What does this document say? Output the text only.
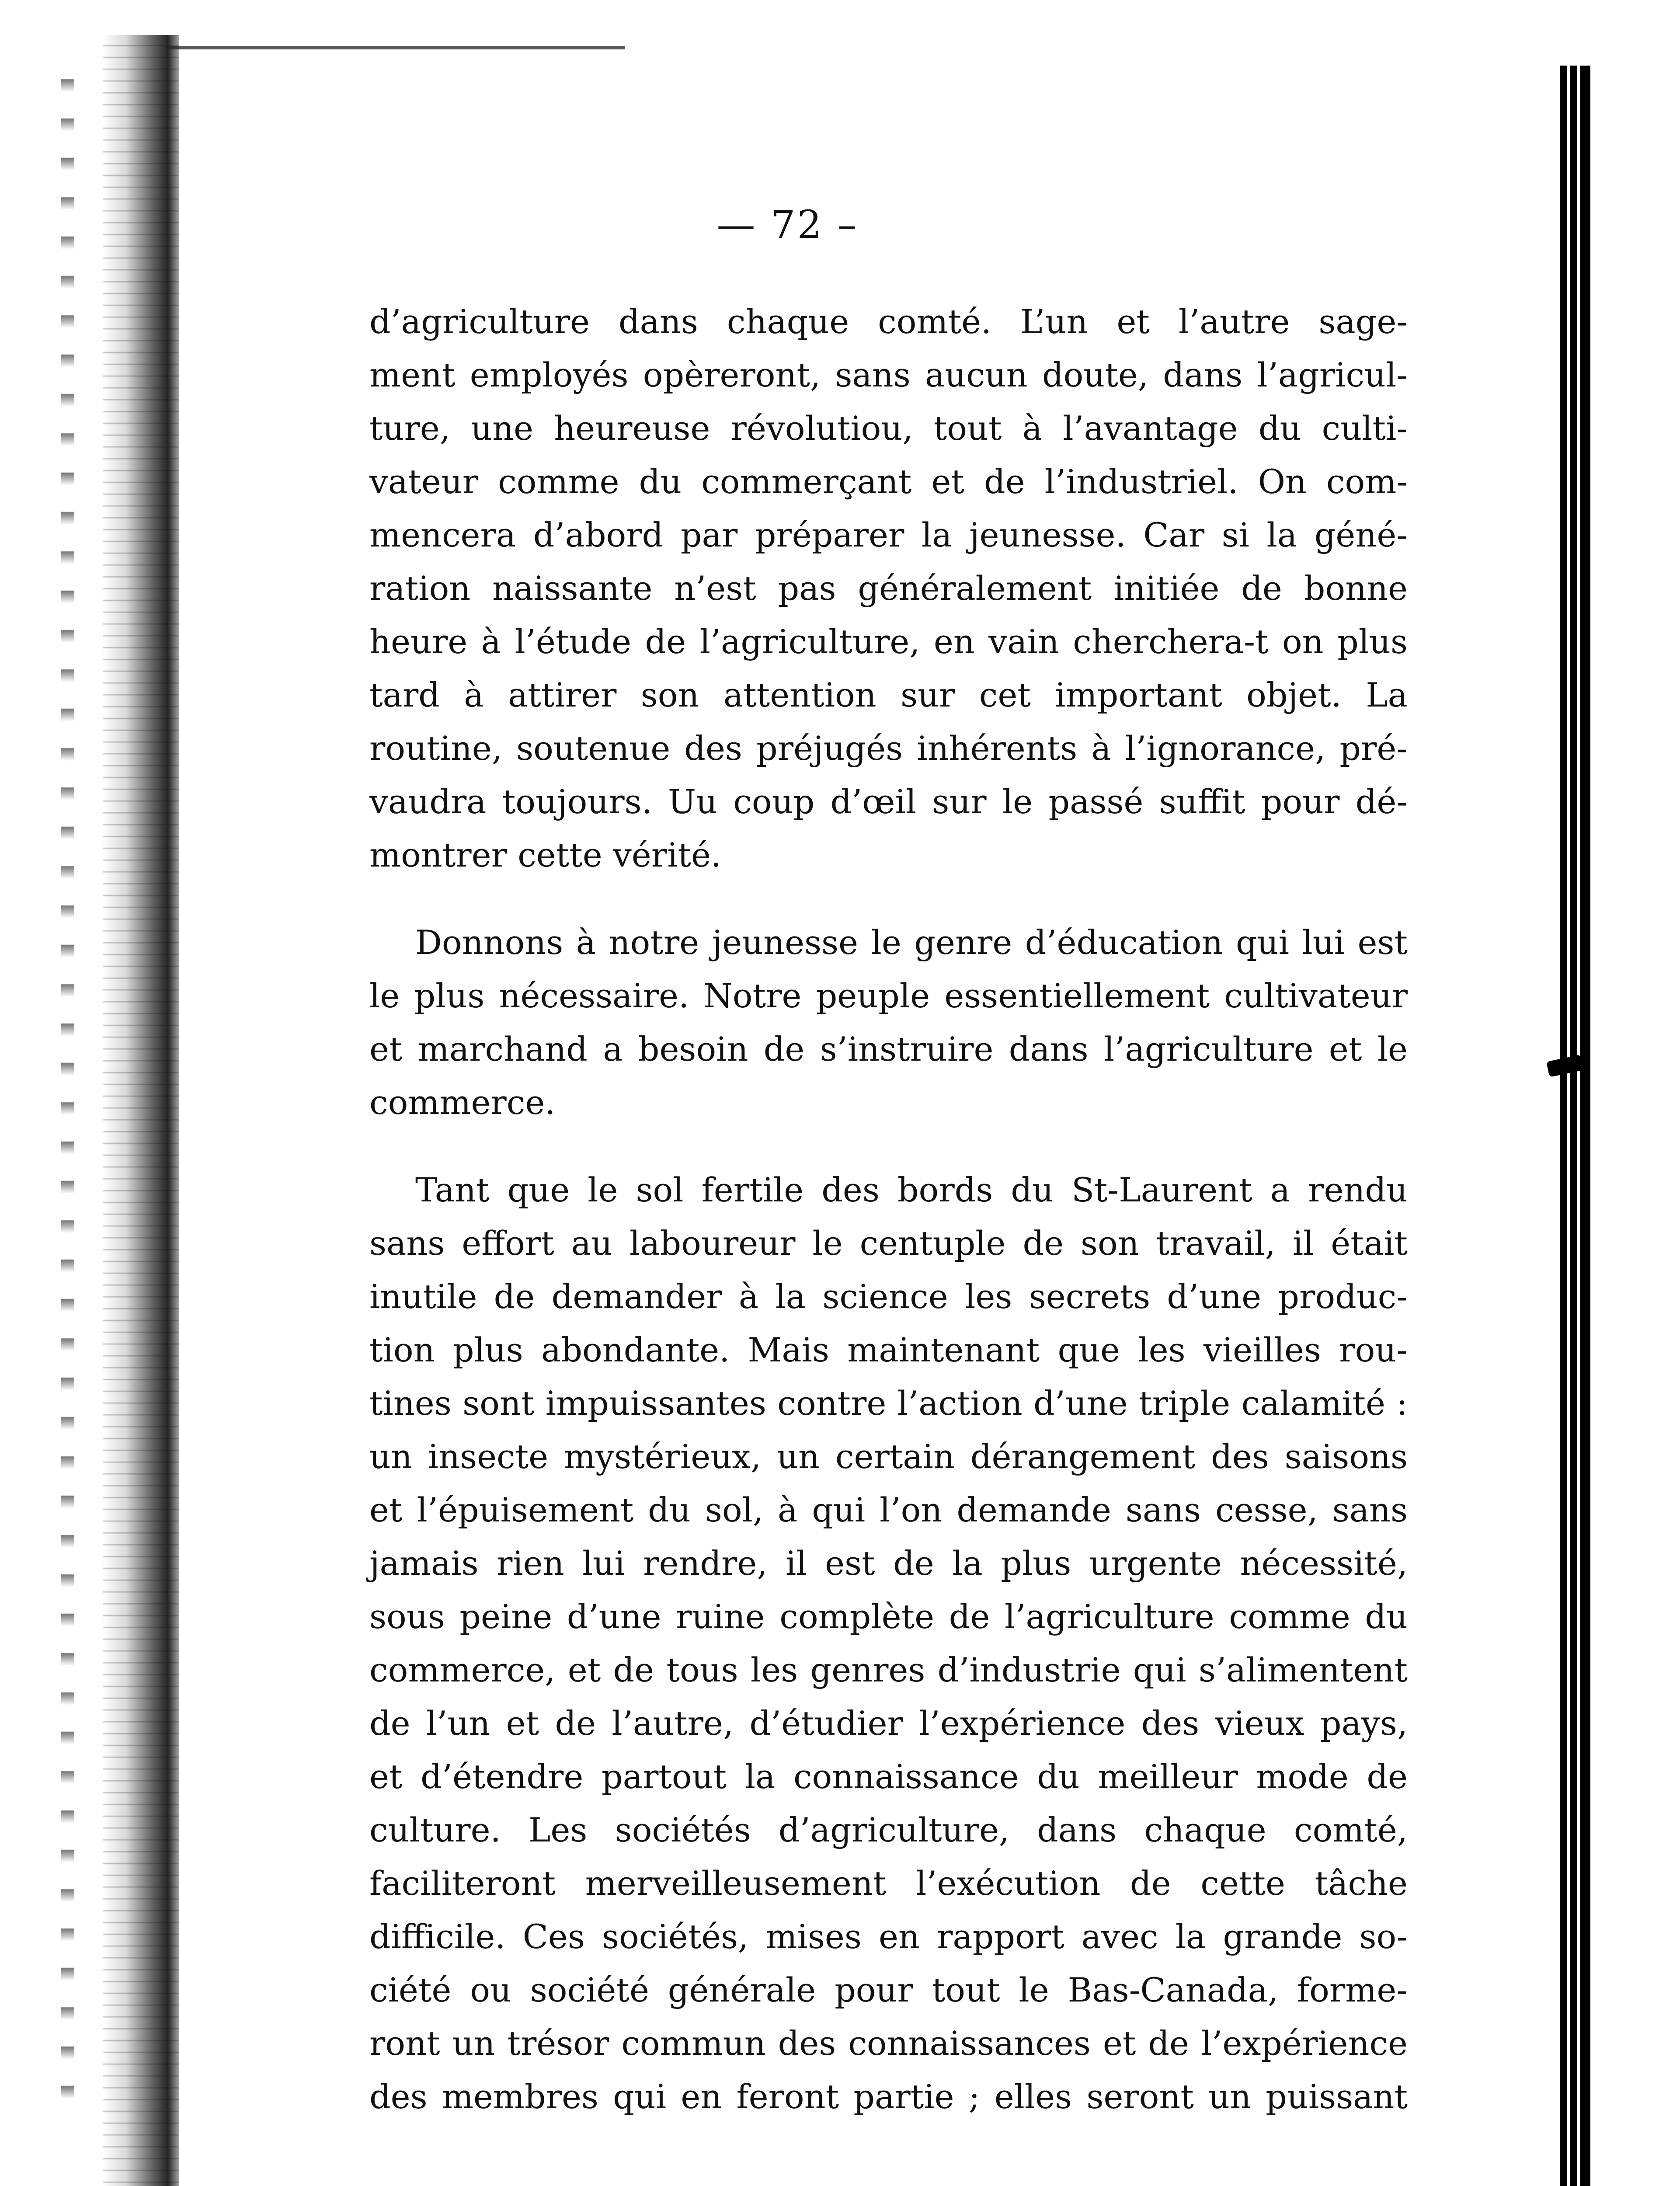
— 72 –
d’agriculture dans chaque comté. L’un et l’autre sage-
ment employés opèreront, sans aucun doute, dans l’agricul-
ture, une heureuse révolutiou, tout à l’avantage du culti-
vateur comme du commerçant et de l’industriel. On com-
mencera d’abord par préparer la jeunesse. Car si la géné-
ration naissante n’est pas généralement initiée de bonne
heure à l’étude de l’agriculture, en vain cherchera-t on plus
tard à attirer son attention sur cet important objet. La
routine, soutenue des préjugés inhérents à l’ignorance, pré-
vaudra toujours. Uu coup d’œil sur le passé suffit pour dé-
montrer cette vérité.
Donnons à notre jeunesse le genre d’éducation qui lui est
le plus nécessaire. Notre peuple essentiellement cultivateur
et marchand a besoin de s’instruire dans l’agriculture et le
commerce.
Tant que le sol fertile des bords du St-Laurent a rendu
sans effort au laboureur le centuple de son travail, il était
inutile de demander à la science les secrets d’une produc-
tion plus abondante. Mais maintenant que les vieilles rou-
tines sont impuissantes contre l’action d’une triple calamité :
un insecte mystérieux, un certain dérangement des saisons
et l’épuisement du sol, à qui l’on demande sans cesse, sans
jamais rien lui rendre, il est de la plus urgente nécessité,
sous peine d’une ruine complète de l’agriculture comme du
commerce, et de tous les genres d’industrie qui s’alimentent
de l’un et de l’autre, d’étudier l’expérience des vieux pays,
et d’étendre partout la connaissance du meilleur mode de
culture. Les sociétés d’agriculture, dans chaque comté,
faciliteront merveilleusement l’exécution de cette tâche
difficile. Ces sociétés, mises en rapport avec la grande so-
ciété ou société générale pour tout le Bas-Canada, forme-
ront un trésor commun des connaissances et de l’expérience
des membres qui en feront partie ; elles seront un puissant
